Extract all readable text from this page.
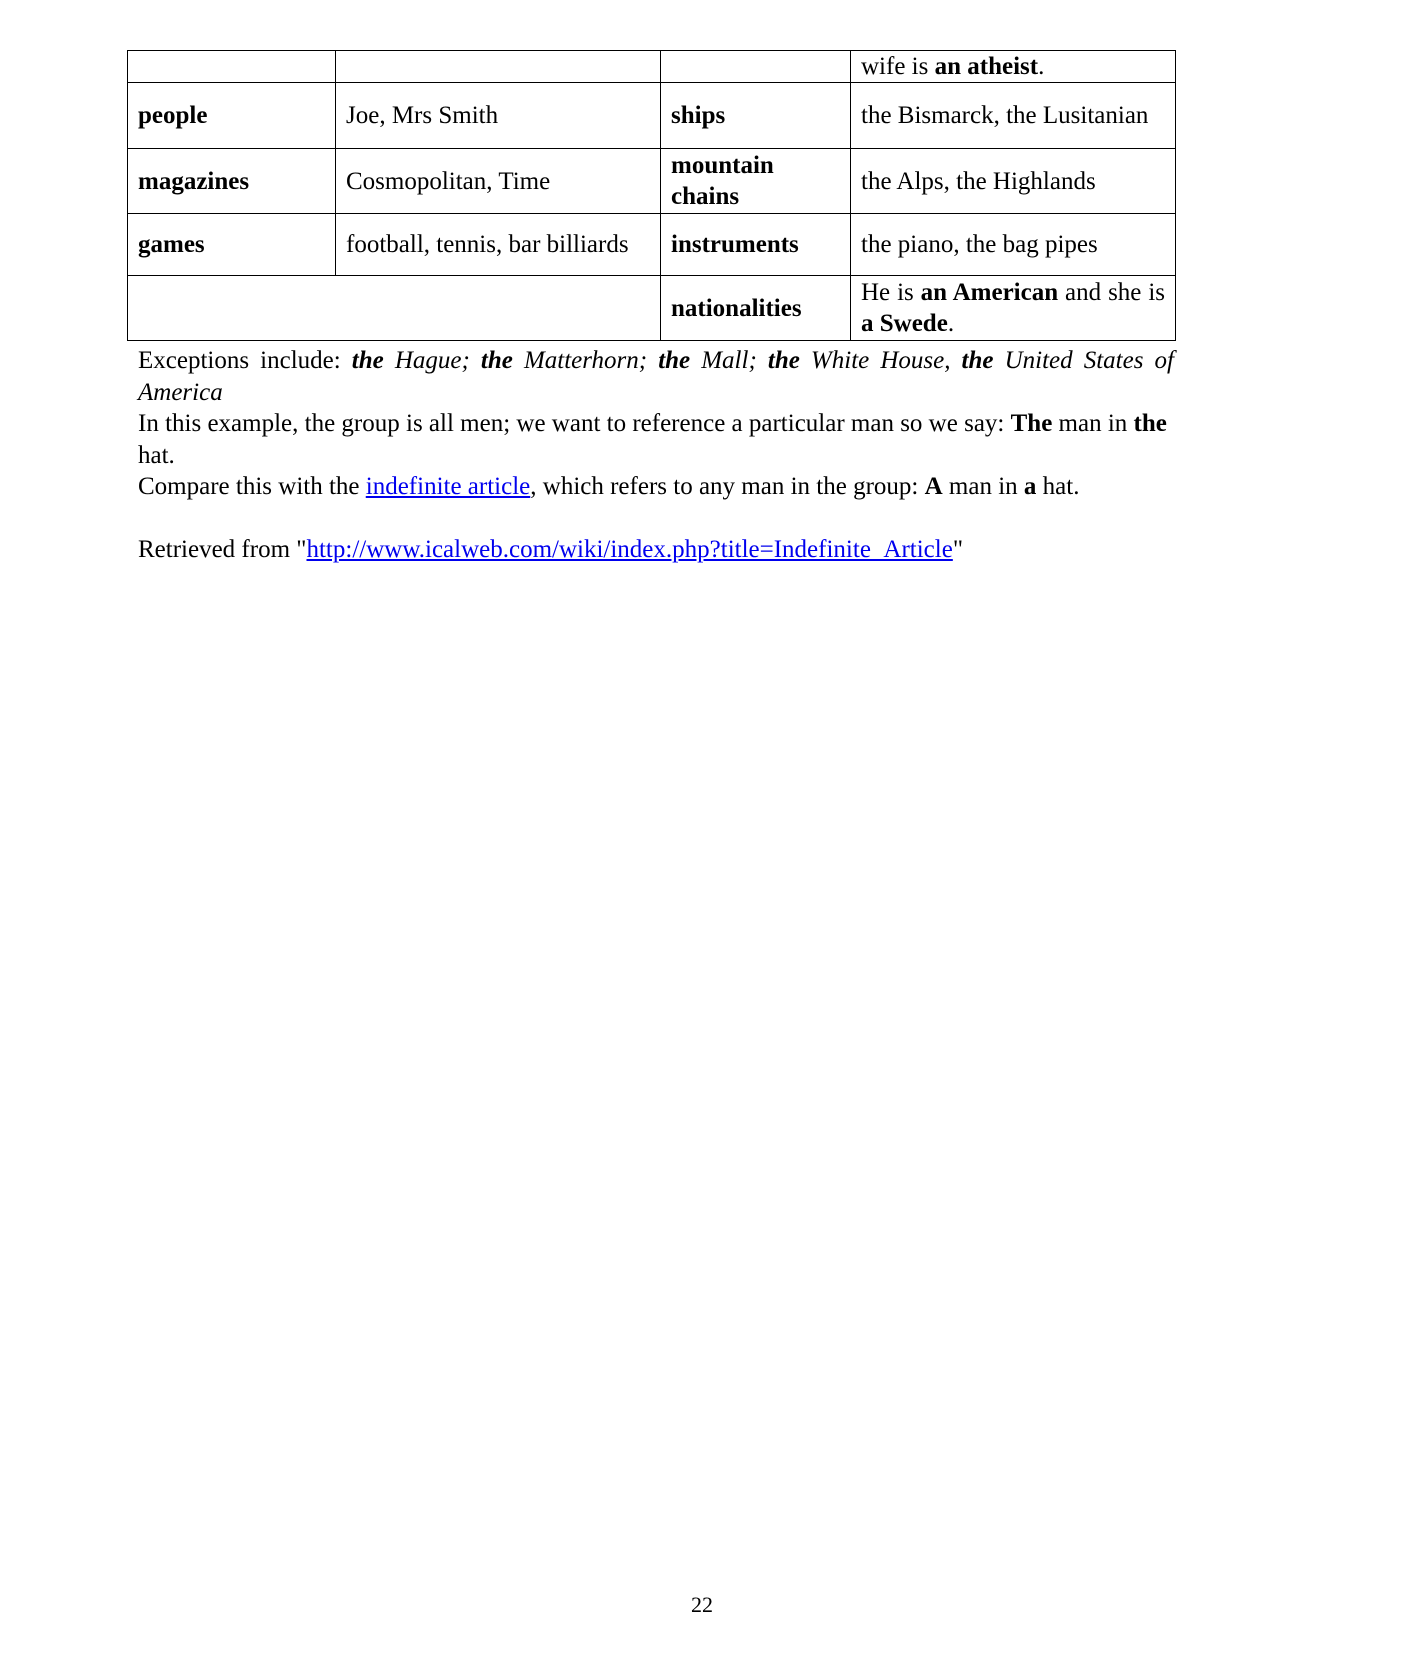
			wife is an atheist.
people	Joe, Mrs Smith	ships	the Bismarck, the Lusitanian
magazines	Cosmopolitan, Time	mountain chains	the Alps, the Highlands
games	football, tennis, bar billiards	instruments	the piano, the bag pipes
		nationalities	He is an American and she is a Swede.

Exceptions include: the Hague; the Matterhorn; the Mall; the White House, the United States of America

In this example, the group is all men; we want to reference a particular man so we say: The man in the hat.

Compare this with the indefinite article, which refers to any man in the group: A man in a hat.

Retrieved from "http://www.icalweb.com/wiki/index.php?title=Indefinite_Article"

22
